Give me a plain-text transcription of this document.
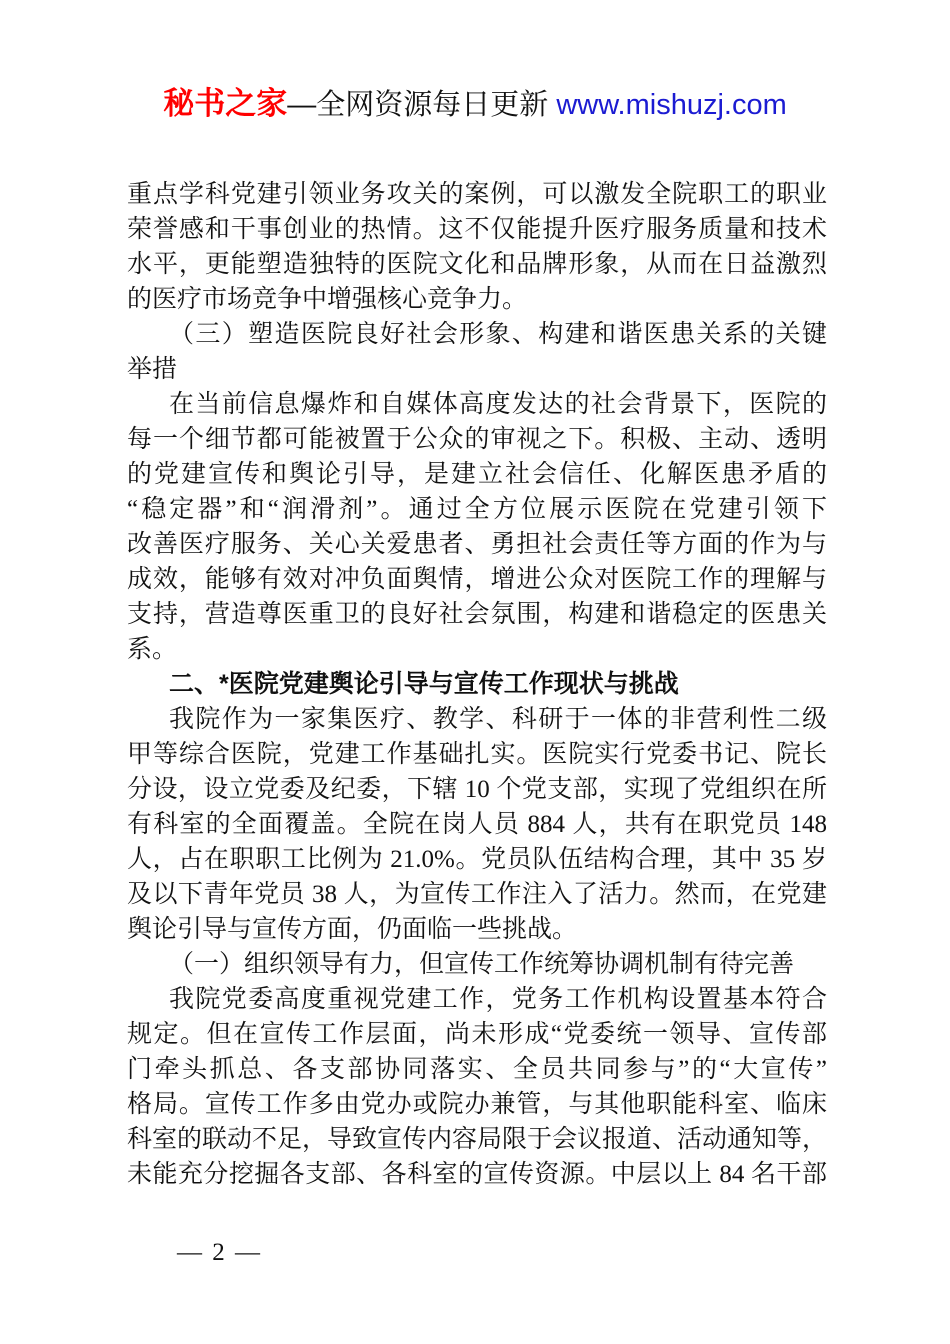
秘书之家—全网资源每日更新 www.mishuzj.com
重点学科党建引领业务攻关的案例，可以激发全院职工的职业
荣誉感和干事创业的热情。这不仅能提升医疗服务质量和技术
水平，更能塑造独特的医院文化和品牌形象，从而在日益激烈
的医疗市场竞争中增强核心竞争力。
（三）塑造医院良好社会形象、构建和谐医患关系的关键
举措
在当前信息爆炸和自媒体高度发达的社会背景下，医院的
每一个细节都可能被置于公众的审视之下。积极、主动、透明
的党建宣传和舆论引导，是建立社会信任、化解医患矛盾的
“稳定器”和“润滑剂”。通过全方位展示医院在党建引领下
改善医疗服务、关心关爱患者、勇担社会责任等方面的作为与
成效，能够有效对冲负面舆情，增进公众对医院工作的理解与
支持，营造尊医重卫的良好社会氛围，构建和谐稳定的医患关
系。
二、*医院党建舆论引导与宣传工作现状与挑战
我院作为一家集医疗、教学、科研于一体的非营利性二级
甲等综合医院，党建工作基础扎实。医院实行党委书记、院长
分设，设立党委及纪委，下辖 10 个党支部，实现了党组织在所
有科室的全面覆盖。全院在岗人员 884 人，共有在职党员 148
人，占在职职工比例为 21.0%。党员队伍结构合理，其中 35 岁
及以下青年党员 38 人，为宣传工作注入了活力。然而，在党建
舆论引导与宣传方面，仍面临一些挑战。
（一）组织领导有力，但宣传工作统筹协调机制有待完善
我院党委高度重视党建工作，党务工作机构设置基本符合
规定。但在宣传工作层面，尚未形成“党委统一领导、宣传部
门牵头抓总、各支部协同落实、全员共同参与”的“大宣传”
格局。宣传工作多由党办或院办兼管，与其他职能科室、临床
科室的联动不足，导致宣传内容局限于会议报道、活动通知等，
未能充分挖掘各支部、各科室的宣传资源。中层以上 84 名干部
— 2 —
